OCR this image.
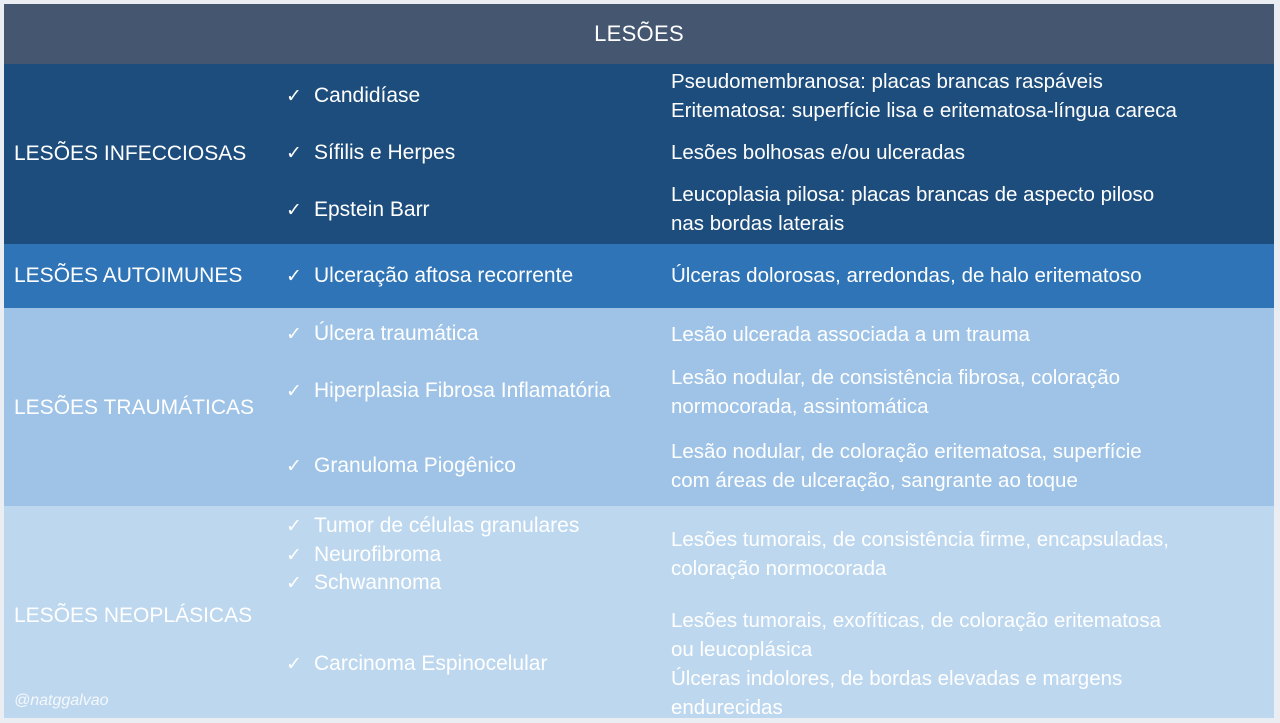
LESÕES
LESÕES INFECCIOSAS
✓ Candidíase
✓ Sífilis e Herpes
✓ Epstein Barr
Pseudomembranosa: placas brancas raspáveis
Eritematosa: superfície lisa e eritematosa-língua careca
Lesões bolhosas e/ou ulceradas
Leucoplasia pilosa: placas brancas de aspecto piloso
nas bordas laterais
LESÕES AUTOIMUNES ✓ Ulceração aftosa recorrente	Úlceras dolorosas, arredondas, de halo eritematoso
LESÕES TRAUMÁTICAS
✓ Úlcera traumática
✓ Hiperplasia Fibrosa Inflamatória
✓ Granuloma Piogênico
Lesão ulcerada associada a um trauma
Lesão nodular, de consistência fibrosa, coloração
normocorada, assintomática
Lesão nodular, de coloração eritematosa, superfície
com áreas de ulceração, sangrante ao toque
LESÕES NEOPLÁSICAS
✓ Tumor de células granulares
✓ Neurofibroma
✓ Schwannoma
✓ Carcinoma Espinocelular
Lesões tumorais, de consistência firme, encapsuladas,
coloração normocorada
Lesões tumorais, exofíticas, de coloração eritematosa
ou leucoplásica
Úlceras indolores, de bordas elevadas e margens
endurecidas
@natggalvao
